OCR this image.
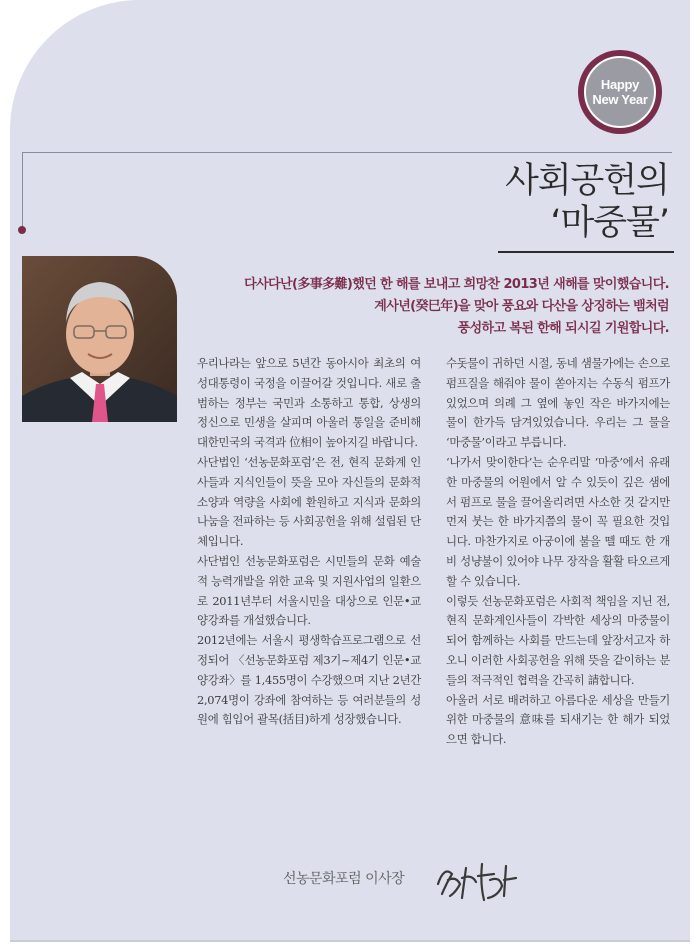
Happy
New Year
사회공헌의
‘마중물’
다사다난(多事多難)했던 한 해를 보내고 희망찬 2013년 새해를 맞이했습니다.
계사년(癸巳年)을 맞아 풍요와 다산을 상징하는 뱀처럼
풍성하고 복된 한해 되시길 기원합니다.

우리나라는 앞으로 5년간 동아시아 최초의 여성대통령이 국정을 이끌어갈 것입니다. 새로 출범하는 정부는 국민과 소통하고 통합, 상생의 정신으로 민생을 살피며 아울러 통일을 준비해 대한민국의 국격과 位相이 높아지길 바랍니다.

사단법인 ‘선농문화포럼’은 전, 현직 문화계 인사들과 지식인들이 뜻을 모아 자신들의 문화적 소양과 역량을 사회에 환원하고 지식과 문화의 나눔을 전파하는 등 사회공헌을 위해 설립된 단체입니다.

사단법인 선농문화포럼은 시민들의 문화 예술적 능력개발을 위한 교육 및 지원사업의 일환으로 2011년부터 서울시민을 대상으로 인문•교양강좌를 개설했습니다.

2012년에는 서울시 평생학습프로그램으로 선정되어 〈선농문화포럼 제3기~제4기 인문•교양강좌〉를 1,455명이 수강했으며 지난 2년간 2,074명이 강좌에 참여하는 등 여러분들의 성원에 힘입어 괄목(括目)하게 성장했습니다.

수돗물이 귀하던 시절, 동네 샘물가에는 손으로 펌프질을 해줘야 물이 쏟아지는 수동식 펌프가 있었으며 의례 그 옆에 놓인 작은 바가지에는 물이 한가득 담겨있었습니다. 우리는 그 물을 ‘마중물’이라고 부릅니다.

‘나가서 맞이한다’는 순우리말 ‘마중’에서 유래한 마중물의 어원에서 알 수 있듯이 깊은 샘에서 펌프로 물을 끌어올리려면 사소한 것 같지만 먼저 붓는 한 바가지쯤의 물이 꼭 필요한 것입니다. 마찬가지로 아궁이에 불을 뗄 때도 한 개비 성냥불이 있어야 나무 장작을 활활 타오르게 할 수 있습니다.

이렇듯 선농문화포럼은 사회적 책임을 지닌 전, 현직 문화계인사들이 각박한 세상의 마중물이 되어 함께하는 사회를 만드는데 앞장서고자 하오니 이러한 사회공헌을 위해 뜻을 같이하는 분들의 적극적인 협력을 간곡히 請합니다.

아울러 서로 배려하고 아름다운 세상을 만들기 위한 마중물의 意味를 되새기는 한 해가 되었으면 합니다.

선농문화포럼 이사장
